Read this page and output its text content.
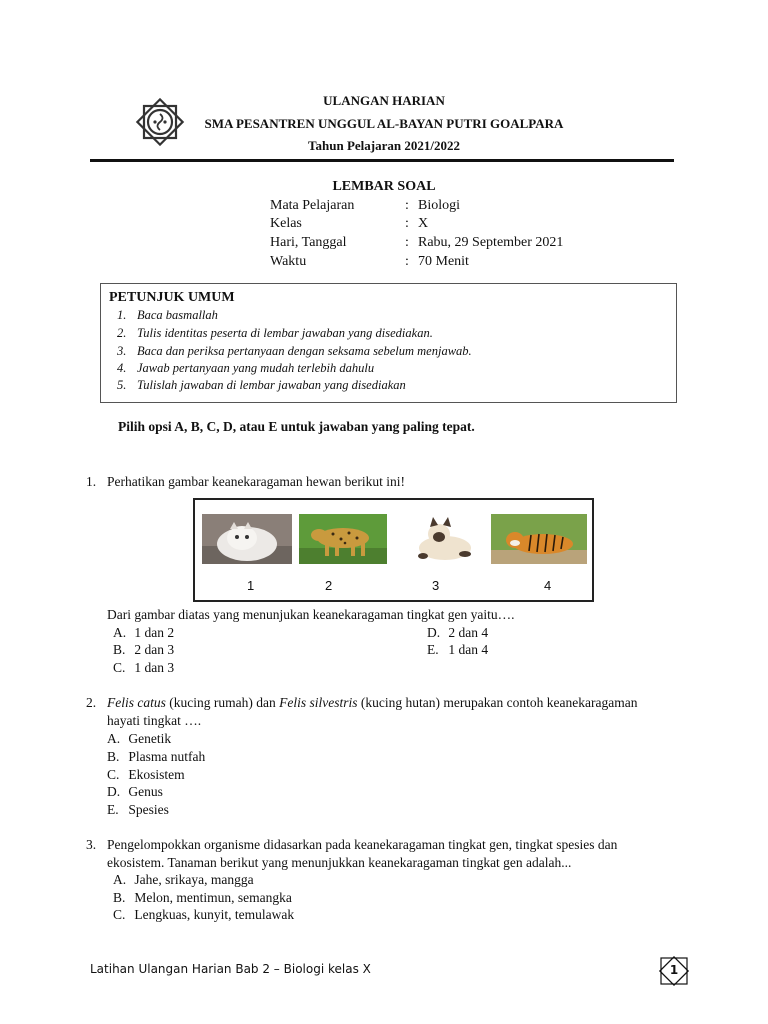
ULANGAN HARIAN
SMA PESANTREN UNGGUL AL-BAYAN PUTRI GOALPARA
Tahun Pelajaran 2021/2022
LEMBAR SOAL
Mata Pelajaran	: Biologi
Kelas	: X
Hari, Tanggal	: Rabu, 29 September 2021
Waktu	: 70 Menit
PETUNJUK UMUM
1. Baca basmallah
2. Tulis identitas peserta di lembar jawaban yang disediakan.
3. Baca dan periksa pertanyaan dengan seksama sebelum menjawab.
4. Jawab pertanyaan yang mudah terlebih dahulu
5. Tulislah jawaban di lembar jawaban yang disediakan
Pilih opsi A, B, C, D, atau E untuk jawaban yang paling tepat.
1. Perhatikan gambar keanekaragaman hewan berikut ini!
1	2	3	4
Dari gambar diatas yang menunjukan keanekaragaman tingkat gen yaitu….
A. 1 dan 2
B. 2 dan 3
C. 1 dan 3
D. 2 dan 4
E. 1 dan 4
2. Felis catus (kucing rumah) dan Felis silvestris (kucing hutan) merupakan contoh keanekaragaman
hayati tingkat ….
A. Genetik
B. Plasma nutfah
C. Ekosistem
D. Genus
E. Spesies
3. Pengelompokkan organisme didasarkan pada keanekaragaman tingkat gen, tingkat spesies dan
ekosistem. Tanaman berikut yang menunjukkan keanekaragaman tingkat gen adalah...
A. Jahe, srikaya, mangga
B. Melon, mentimun, semangka
C. Lengkuas, kunyit, temulawak
Latihan Ulangan Harian Bab 2 – Biologi kelas X	1
